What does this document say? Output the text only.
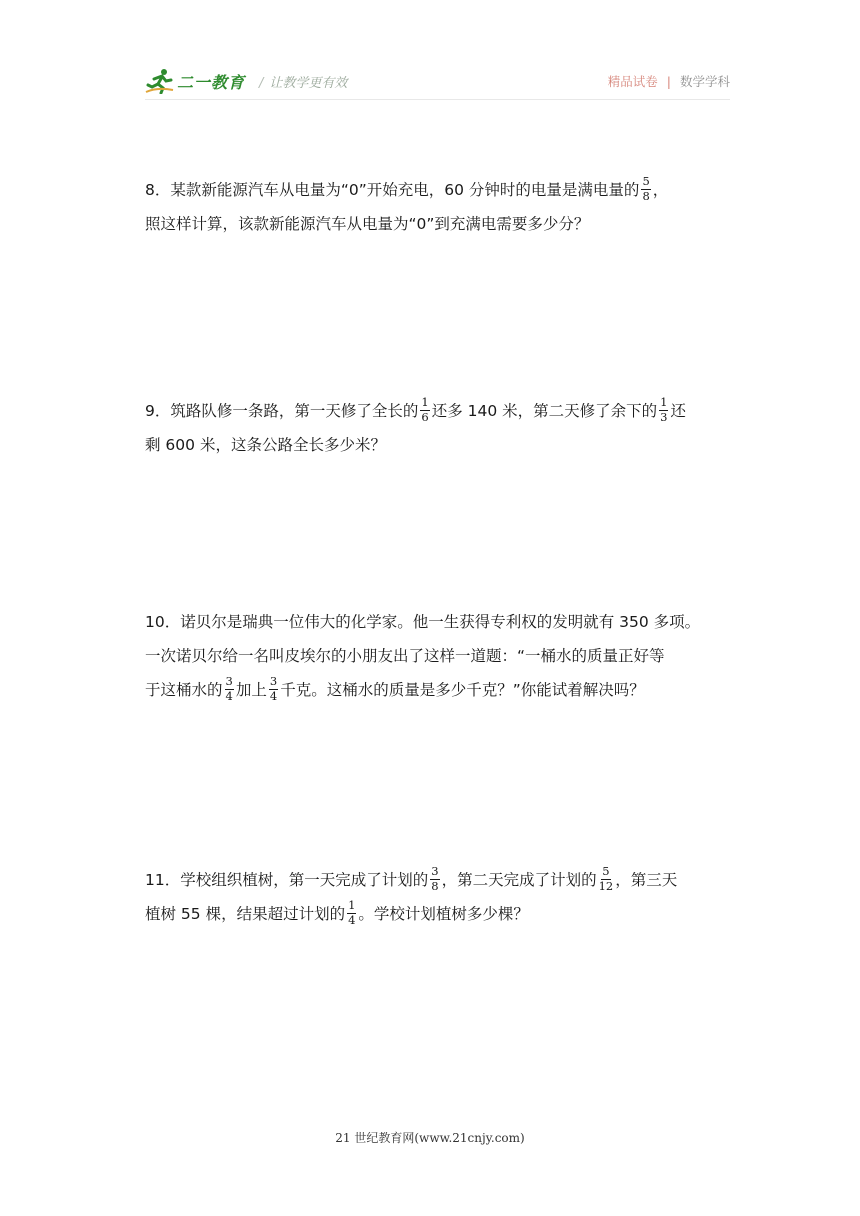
二一教育 / 让教学更有效	精品试卷 | 数学学科
8．某款新能源汽车从电量为“0”开始充电，60 分钟时的电量是满电量的 $\frac{5}{8}$ ，
照这样计算，该款新能源汽车从电量为“0”到充满电需要多少分？
9．筑路队修一条路，第一天修了全长的 $\frac{1}{6}$ 还多 140 米，第二天修了余下的 $\frac{1}{3}$ 还
剩 600 米，这条公路全长多少米？
10．诺贝尔是瑞典一位伟大的化学家。他一生获得专利权的发明就有 350 多项。
一次诺贝尔给一名叫皮埃尔的小朋友出了这样一道题：“一桶水的质量正好等
于这桶水的 $\frac{3}{4}$ 加上 $\frac{3}{4}$ 千克。这桶水的质量是多少千克？”你能试着解决吗？
11．学校组织植树，第一天完成了计划的 $\frac{3}{8}$ ，第二天完成了计划的 $\frac{5}{12}$ ，第三天
植树 55 棵，结果超过计划的 $\frac{1}{4}$ 。学校计划植树多少棵？
21 世纪教育网(www.21cnjy.com)
